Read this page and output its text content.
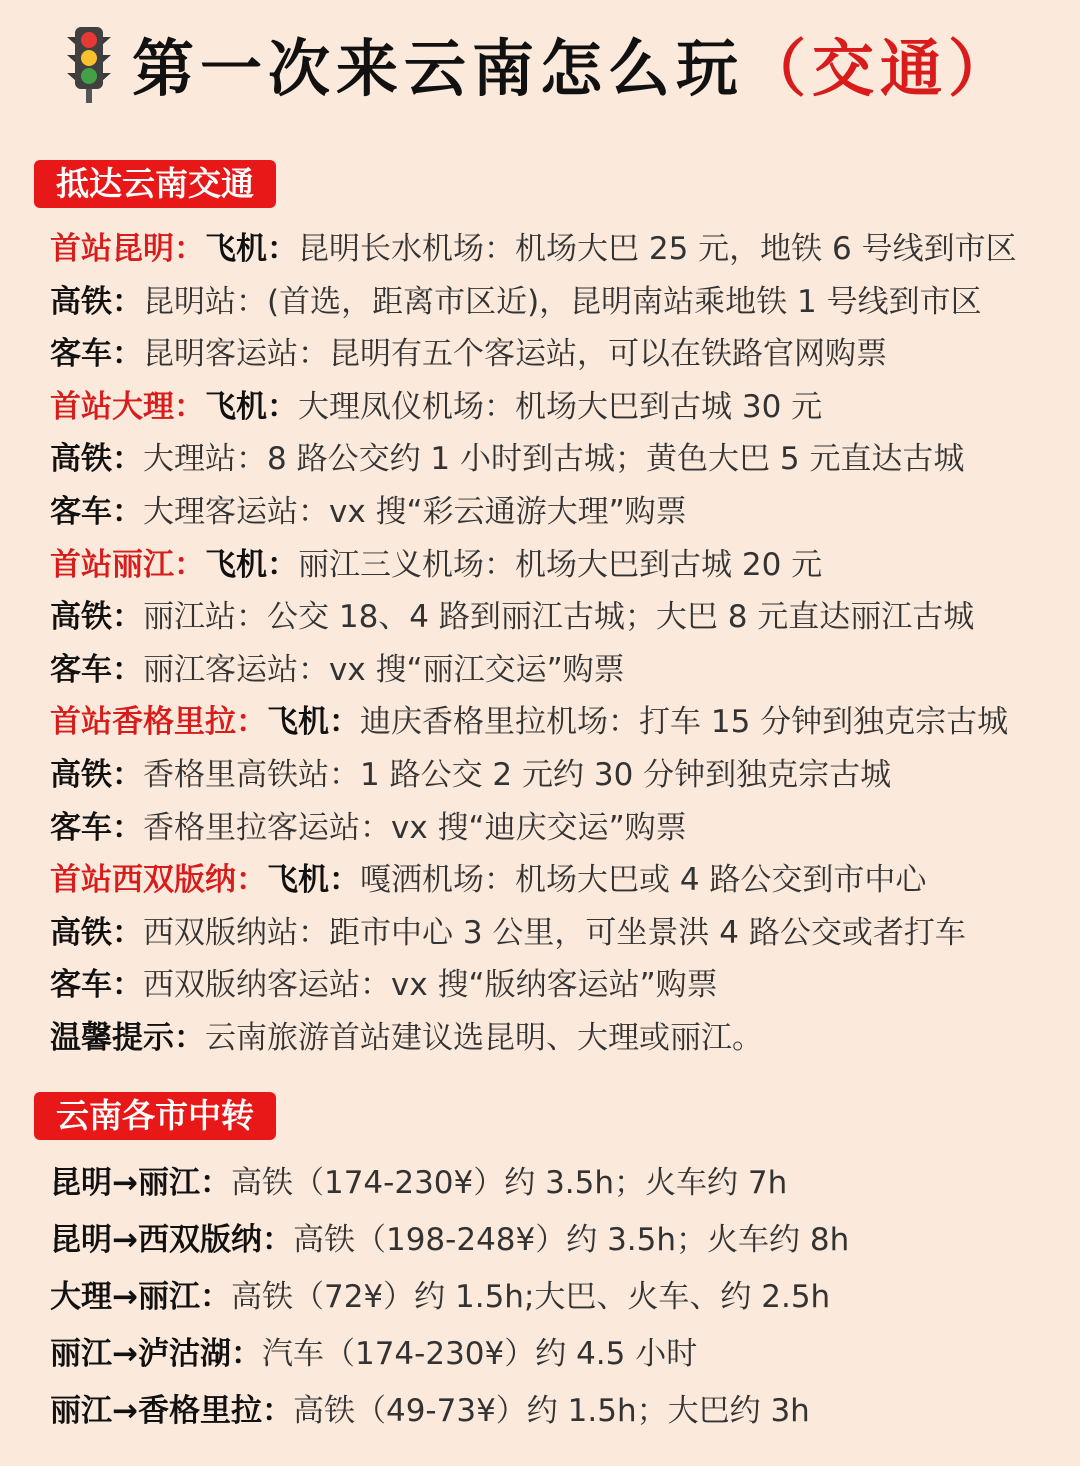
第一次来云南怎么玩（交通）
抵达云南交通
首站昆明：飞机：昆明长水机场：机场大巴 25 元，地铁 6 号线到市区
高铁：昆明站：(首选，距离市区近)，昆明南站乘地铁 1 号线到市区
客车：昆明客运站：昆明有五个客运站，可以在铁路官网购票
首站大理：飞机：大理凤仪机场：机场大巴到古城 30 元
高铁：大理站：8 路公交约 1 小时到古城；黄色大巴 5 元直达古城
客车：大理客运站：vx 搜“彩云通游大理”购票
首站丽江：飞机：丽江三义机场：机场大巴到古城 20 元
高铁：丽江站：公交 18、4 路到丽江古城；大巴 8 元直达丽江古城
客车：丽江客运站：vx 搜“丽江交运”购票
首站香格里拉：飞机：迪庆香格里拉机场：打车 15 分钟到独克宗古城
高铁：香格里高铁站：1 路公交 2 元约 30 分钟到独克宗古城
客车：香格里拉客运站：vx 搜“迪庆交运”购票
首站西双版纳：飞机：嘎洒机场：机场大巴或 4 路公交到市中心
高铁：西双版纳站：距市中心 3 公里，可坐景洪 4 路公交或者打车
客车：西双版纳客运站：vx 搜“版纳客运站”购票
温馨提示：云南旅游首站建议选昆明、大理或丽江。
云南各市中转
昆明→丽江：高铁（174-230¥）约 3.5h；火车约 7h
昆明→西双版纳：高铁（198-248¥）约 3.5h；火车约 8h
大理→丽江：高铁（72¥）约 1.5h;大巴、火车、约 2.5h
丽江→泸沽湖：汽车（174-230¥）约 4.5 小时
丽江→香格里拉：高铁（49-73¥）约 1.5h；大巴约 3h
